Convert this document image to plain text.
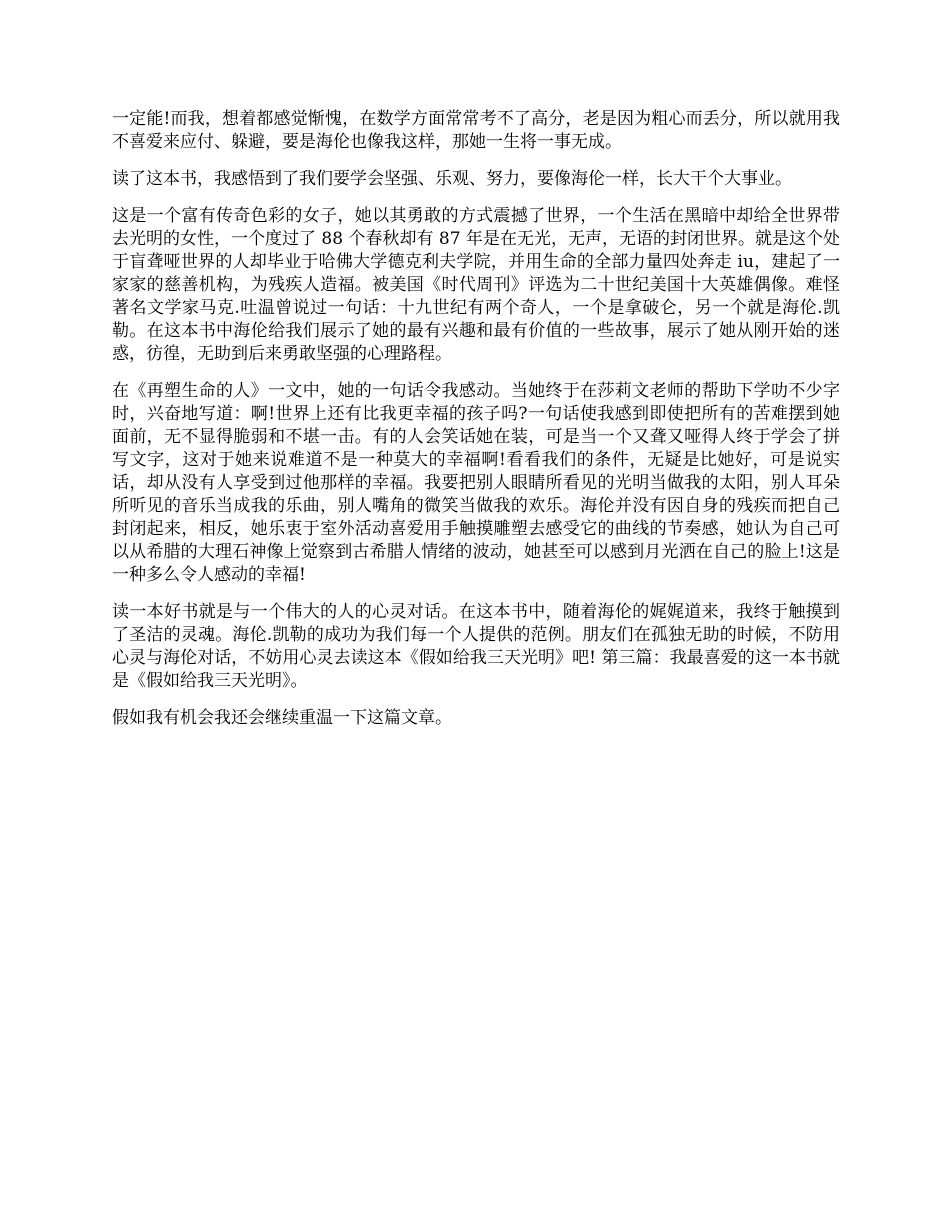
一定能!而我，想着都感觉惭愧，在数学方面常常考不了高分，老是因为粗心而丢分，所以就用我不喜爱来应付、躲避，要是海伦也像我这样，那她一生将一事无成。

读了这本书，我感悟到了我们要学会坚强、乐观、努力，要像海伦一样，长大干个大事业。

这是一个富有传奇色彩的女子，她以其勇敢的方式震撼了世界，一个生活在黑暗中却给全世界带去光明的女性，一个度过了 88 个春秋却有 87 年是在无光，无声，无语的封闭世界。就是这个处于盲聋哑世界的人却毕业于哈佛大学德克利夫学院，并用生命的全部力量四处奔走 iu，建起了一家家的慈善机构，为残疾人造福。被美国《时代周刊》评选为二十世纪美国十大英雄偶像。难怪著名文学家马克.吐温曾说过一句话：十九世纪有两个奇人，一个是拿破仑，另一个就是海伦.凯勒。在这本书中海伦给我们展示了她的最有兴趣和最有价值的一些故事，展示了她从刚开始的迷惑，彷徨，无助到后来勇敢坚强的心理路程。

在《再塑生命的人》一文中，她的一句话令我感动。当她终于在莎莉文老师的帮助下学叻不少字时，兴奋地写道：啊!世界上还有比我更幸福的孩子吗?一句话使我感到即使把所有的苦难摆到她面前，无不显得脆弱和不堪一击。有的人会笑话她在装，可是当一个又聋又哑得人终于学会了拼写文字，这对于她来说难道不是一种莫大的幸福啊!看看我们的条件，无疑是比她好，可是说实话，却从没有人享受到过他那样的幸福。我要把别人眼睛所看见的光明当做我的太阳，别人耳朵所听见的音乐当成我的乐曲，别人嘴角的微笑当做我的欢乐。海伦并没有因自身的残疾而把自己封闭起来，相反，她乐衷于室外活动喜爱用手触摸雕塑去感受它的曲线的节奏感，她认为自己可以从希腊的大理石神像上觉察到古希腊人情绪的波动，她甚至可以感到月光洒在自己的脸上!这是一种多么令人感动的幸福!

读一本好书就是与一个伟大的人的心灵对话。在这本书中，随着海伦的娓娓道来，我终于触摸到了圣洁的灵魂。海伦.凯勒的成功为我们每一个人提供的范例。朋友们在孤独无助的时候，不防用心灵与海伦对话，不妨用心灵去读这本《假如给我三天光明》吧! 第三篇：我最喜爱的这一本书就是《假如给我三天光明》。

假如我有机会我还会继续重温一下这篇文章。
